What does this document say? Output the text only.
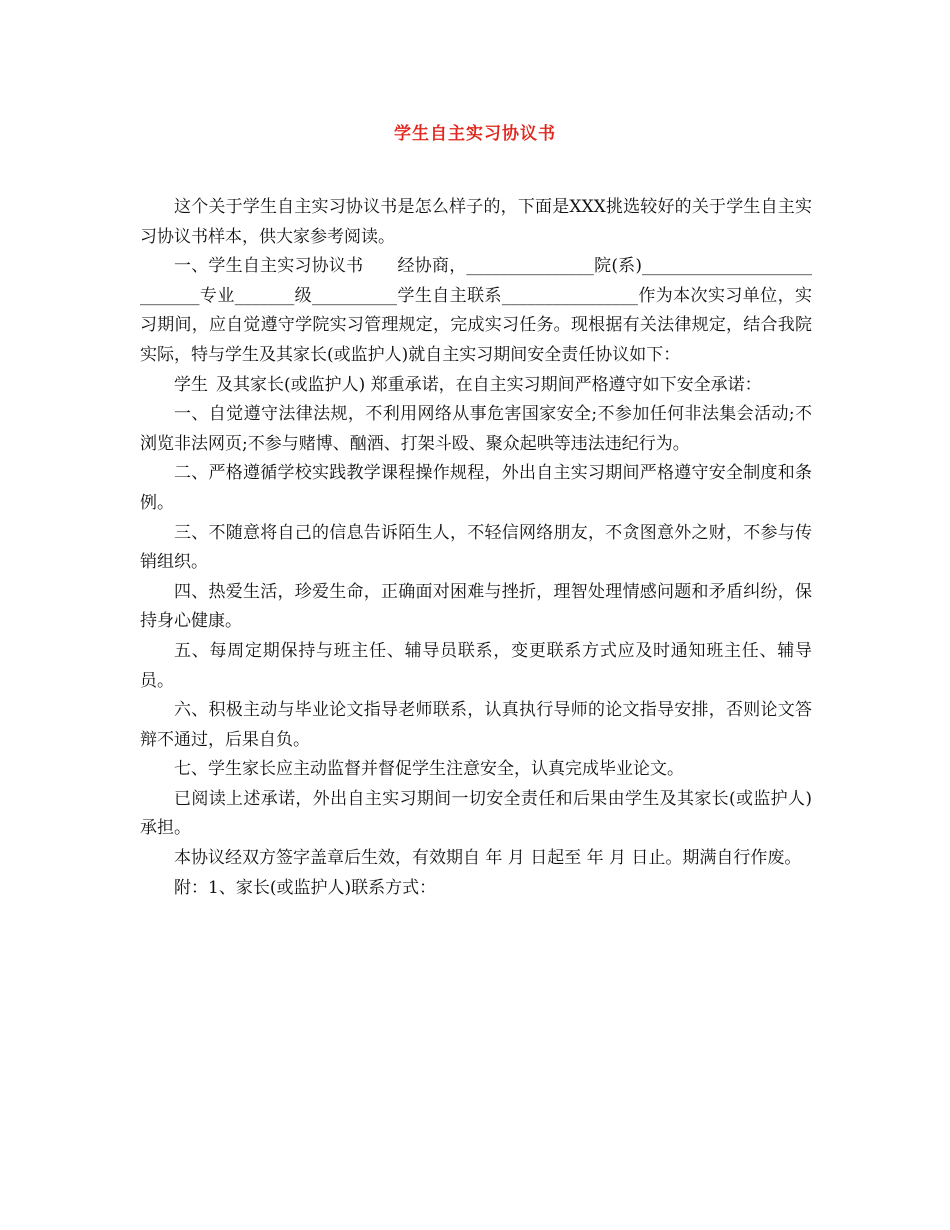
学生自主实习协议书

这个关于学生自主实习协议书是怎么样子的，下面是XXX挑选较好的关于学生自主实习协议书样本，供大家参考阅读。

一、学生自主实习协议书 经协商，_______________院(系)___________________________专业_______级__________学生自主联系________________作为本次实习单位，实习期间，应自觉遵守学院实习管理规定，完成实习任务。现根据有关法律规定，结合我院实际，特与学生及其家长(或监护人)就自主实习期间安全责任协议如下：

学生 及其家长(或监护人) 郑重承诺，在自主实习期间严格遵守如下安全承诺：

一、自觉遵守法律法规，不利用网络从事危害国家安全;不参加任何非法集会活动;不浏览非法网页;不参与赌博、酗酒、打架斗殴、聚众起哄等违法违纪行为。

二、严格遵循学校实践教学课程操作规程，外出自主实习期间严格遵守安全制度和条例。

三、不随意将自己的信息告诉陌生人，不轻信网络朋友，不贪图意外之财，不参与传销组织。

四、热爱生活，珍爱生命，正确面对困难与挫折，理智处理情感问题和矛盾纠纷，保持身心健康。

五、每周定期保持与班主任、辅导员联系，变更联系方式应及时通知班主任、辅导员。

六、积极主动与毕业论文指导老师联系，认真执行导师的论文指导安排，否则论文答辩不通过，后果自负。

七、学生家长应主动监督并督促学生注意安全，认真完成毕业论文。

已阅读上述承诺，外出自主实习期间一切安全责任和后果由学生及其家长(或监护人)承担。

本协议经双方签字盖章后生效，有效期自 年 月 日起至 年 月 日止。期满自行作废。

附：1、家长(或监护人)联系方式：
